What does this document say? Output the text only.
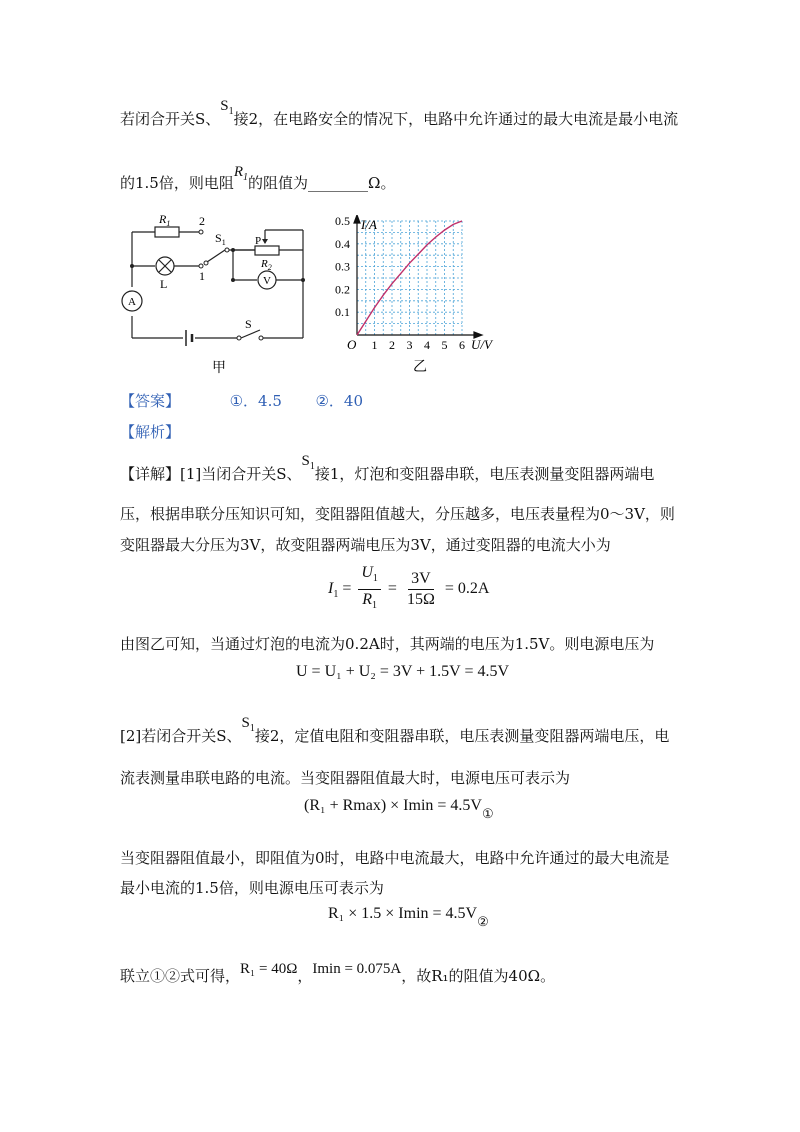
若闭合开关S、$S_1$接2，在电路安全的情况下，电路中允许通过的最大电流是最小电流
的1.5倍，则电阻$R_1$的阻值为________Ω。
$R_1$ 2
1
$S_1$	P
$R_2$
V
L
A
S
甲
1 2 3 4 5 6
0.1
0.2
0.3
0.4
0.5 I/A
O	U/V
乙
【答案】	①．4.5 ②．40
【解析】
【详解】[1]当闭合开关S、$S_1$接1，灯泡和变阻器串联，电压表测量变阻器两端电
压，根据串联分压知识可知，变阻器阻值越大，分压越多，电压表量程为0～3V，则
变阻器最大分压为3V，故变阻器两端电压为3V，通过变阻器的电流大小为
$I_1 = \frac{U_1}{R_1} = \frac{3V}{15\Omega} = 0.2A$
由图乙可知，当通过灯泡的电流为0.2A时，其两端的电压为1.5V。则电源电压为
U = U₁ + U₂ = 3V + 1.5V = 4.5V
[2]若闭合开关S、$S_1$接2，定值电阻和变阻器串联，电压表测量变阻器两端电压，电
流表测量串联电路的电流。当变阻器阻值最大时，电源电压可表示为
$(R_1 + Rmax) \times Imin = 4.5V_①$
当变阻器阻值最小，即阻值为0时，电路中电流最大，电路中允许通过的最大电流是
最小电流的1.5倍，则电源电压可表示为
$R_1 \times 1.5 \times Imin = 4.5V_②$
联立①②式可得，R₁ = 40Ω，Imin = 0.075A，故R₁的阻值为40Ω。
